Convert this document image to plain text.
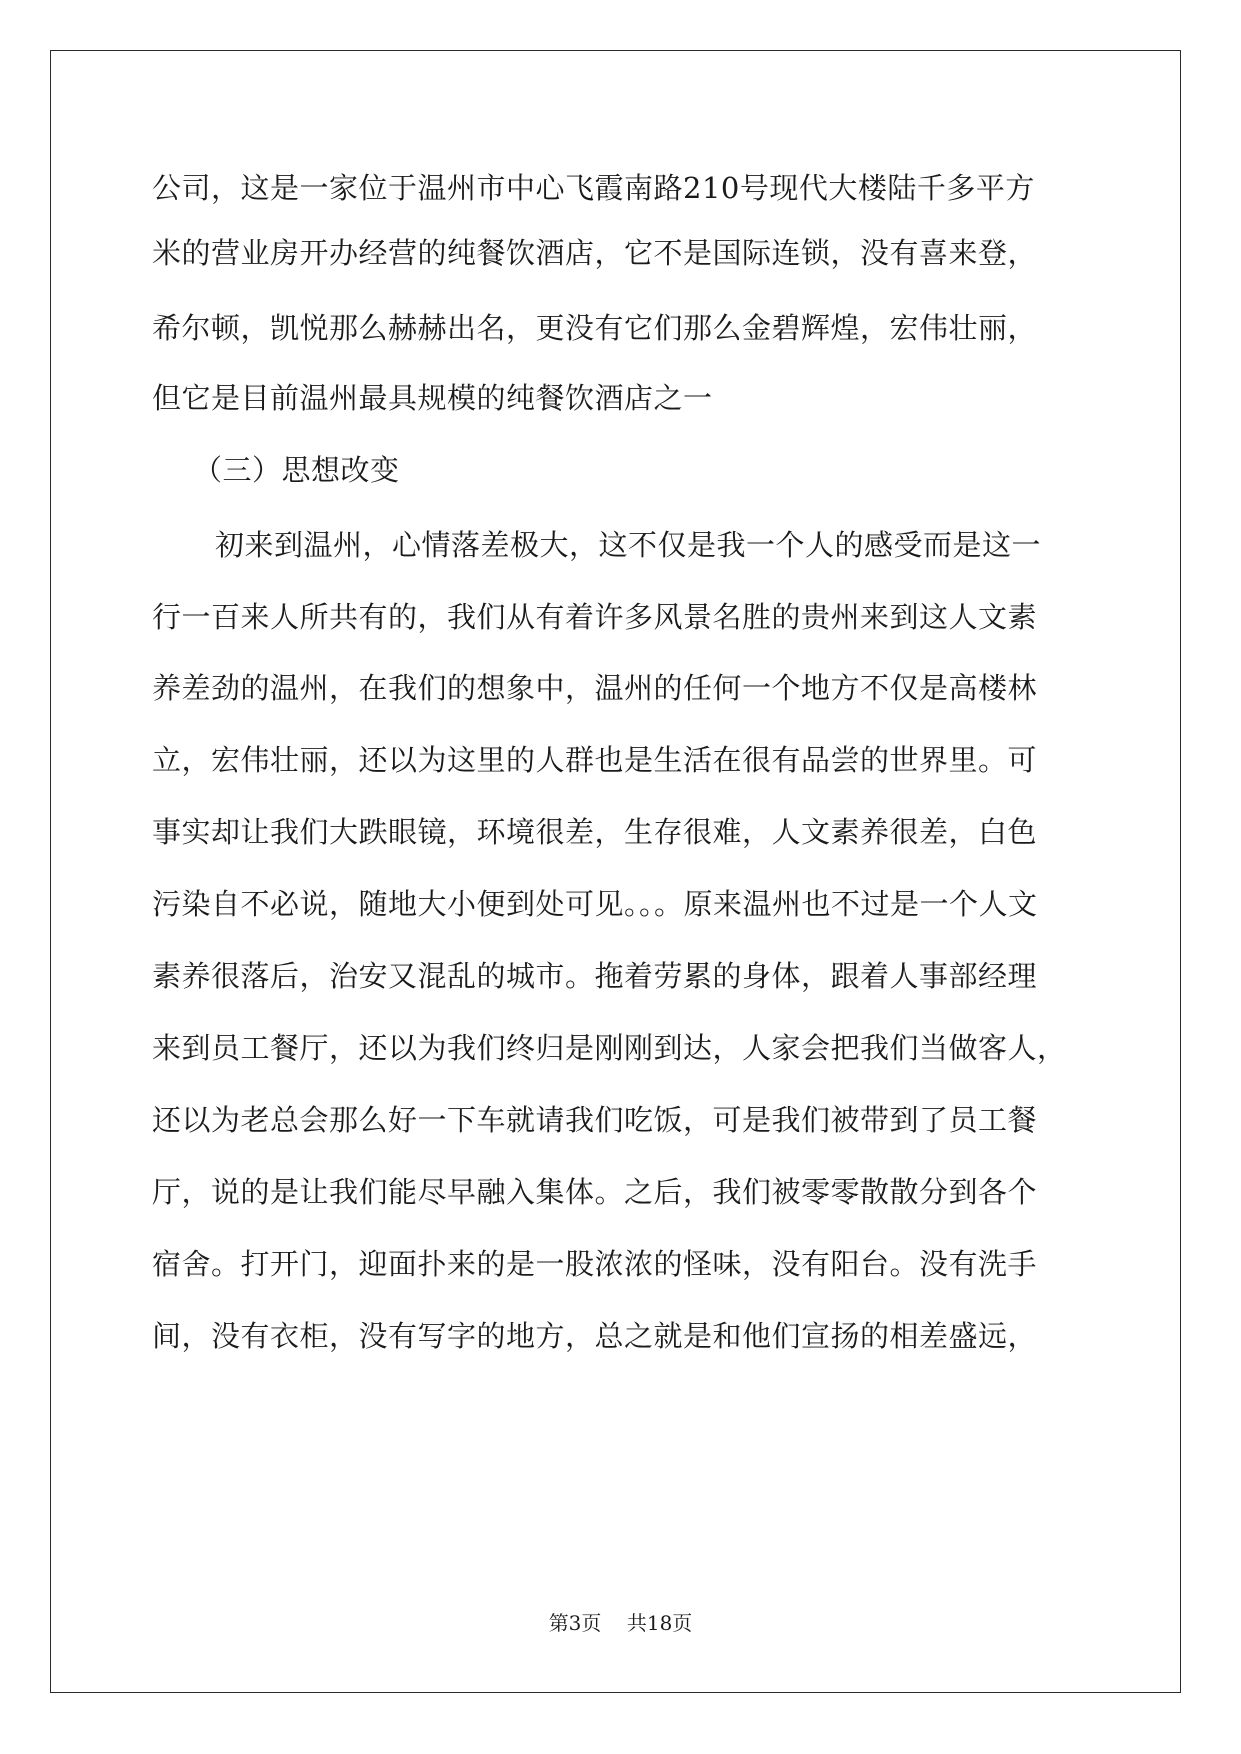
公司，这是一家位于温州市中心飞霞南路210号现代大楼陆千多平方
米的营业房开办经营的纯餐饮酒店，它不是国际连锁，没有喜来登，
希尔顿，凯悦那么赫赫出名，更没有它们那么金碧辉煌，宏伟壮丽，
但它是目前温州最具规模的纯餐饮酒店之一
（三）思想改变
初来到温州，心情落差极大，这不仅是我一个人的感受而是这一
行一百来人所共有的，我们从有着许多风景名胜的贵州来到这人文素
养差劲的温州，在我们的想象中，温州的任何一个地方不仅是高楼林
立，宏伟壮丽，还以为这里的人群也是生活在很有品尝的世界里。可
事实却让我们大跌眼镜，环境很差，生存很难，人文素养很差，白色
污染自不必说，随地大小便到处可见。。。原来温州也不过是一个人文
素养很落后，治安又混乱的城市。拖着劳累的身体，跟着人事部经理
来到员工餐厅，还以为我们终归是刚刚到达，人家会把我们当做客人，
还以为老总会那么好一下车就请我们吃饭，可是我们被带到了员工餐
厅，说的是让我们能尽早融入集体。之后，我们被零零散散分到各个
宿舍。打开门，迎面扑来的是一股浓浓的怪味，没有阳台。没有洗手
间，没有衣柜，没有写字的地方，总之就是和他们宣扬的相差盛远，
第3页 共18页
